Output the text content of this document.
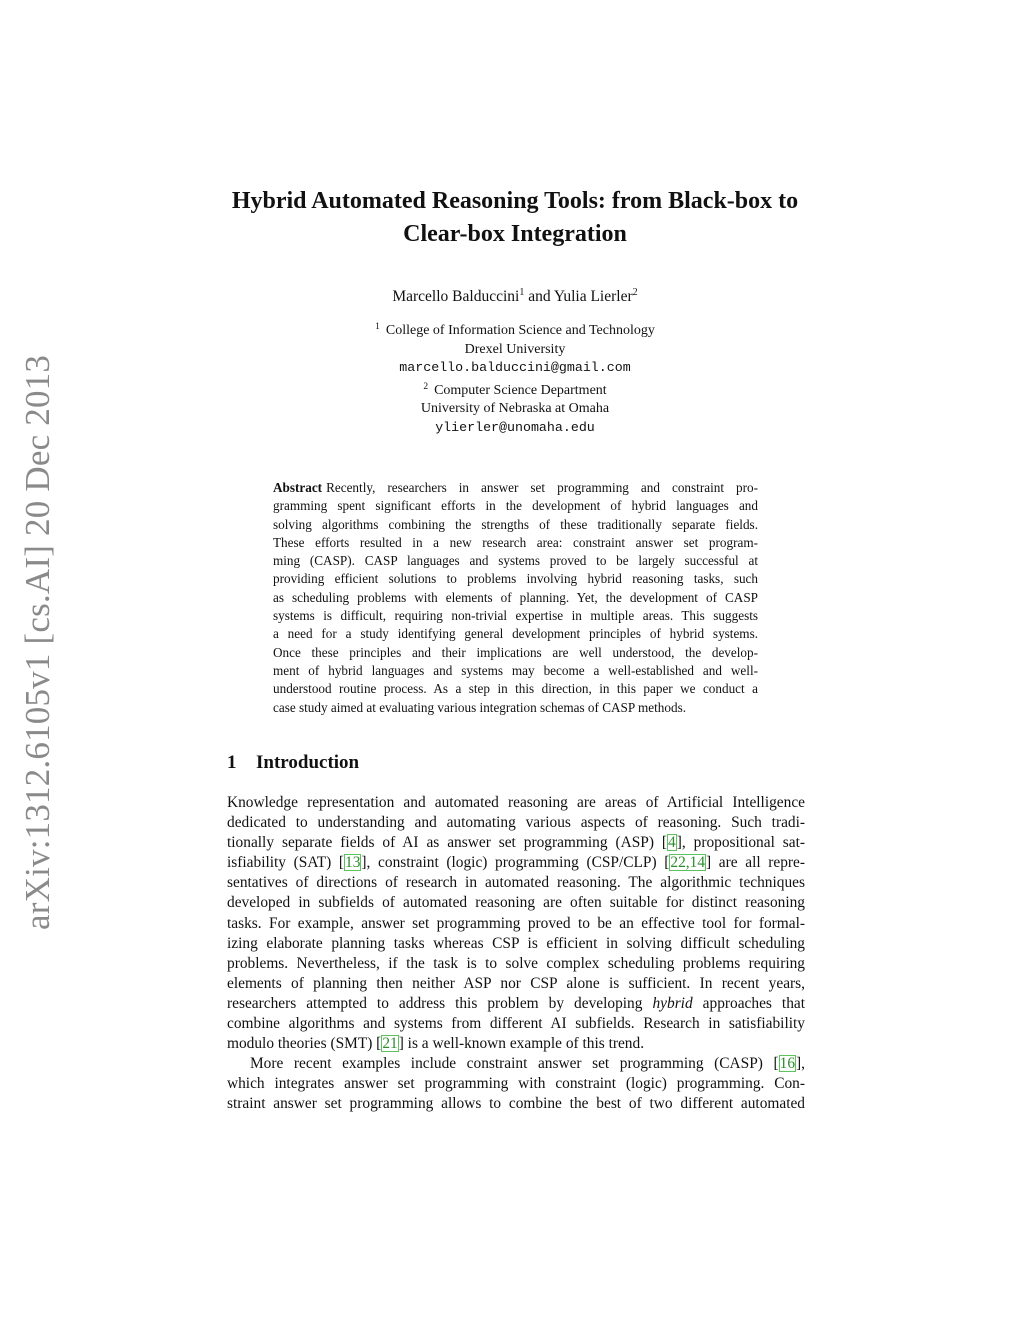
arXiv:1312.6105v1 [cs.AI] 20 Dec 2013
Hybrid Automated Reasoning Tools: from Black-box to
Clear-box Integration
Marcello Balduccini$^1$ and Yulia Lierler$^2$
$^1$ College of Information Science and Technology
Drexel University
marcello.balduccini@gmail.com
$^2$ Computer Science Department
University of Nebraska at Omaha
ylierler@unomaha.edu
Abstract Recently, researchers in answer set programming and constraint pro-
gramming spent significant efforts in the development of hybrid languages and
solving algorithms combining the strengths of these traditionally separate fields.
These efforts resulted in a new research area: constraint answer set program-
ming (CASP). CASP languages and systems proved to be largely successful at
providing efficient solutions to problems involving hybrid reasoning tasks, such
as scheduling problems with elements of planning. Yet, the development of CASP
systems is difficult, requiring non-trivial expertise in multiple areas. This suggests
a need for a study identifying general development principles of hybrid systems.
Once these principles and their implications are well understood, the develop-
ment of hybrid languages and systems may become a well-established and well-
understood routine process. As a step in this direction, in this paper we conduct a
case study aimed at evaluating various integration schemas of CASP methods.
1 Introduction
Knowledge representation and automated reasoning are areas of Artificial Intelligence
dedicated to understanding and automating various aspects of reasoning. Such tradi-
tionally separate fields of AI as answer set programming (ASP) [4], propositional sat-
isfiability (SAT) [13], constraint (logic) programming (CSP/CLP) [22,14] are all repre-
sentatives of directions of research in automated reasoning. The algorithmic techniques
developed in subfields of automated reasoning are often suitable for distinct reasoning
tasks. For example, answer set programming proved to be an effective tool for formal-
izing elaborate planning tasks whereas CSP is efficient in solving difficult scheduling
problems. Nevertheless, if the task is to solve complex scheduling problems requiring
elements of planning then neither ASP nor CSP alone is sufficient. In recent years,
researchers attempted to address this problem by developing hybrid approaches that
combine algorithms and systems from different AI subfields. Research in satisfiability
modulo theories (SMT) [21] is a well-known example of this trend.
More recent examples include constraint answer set programming (CASP) [16],
which integrates answer set programming with constraint (logic) programming. Con-
straint answer set programming allows to combine the best of two different automated
